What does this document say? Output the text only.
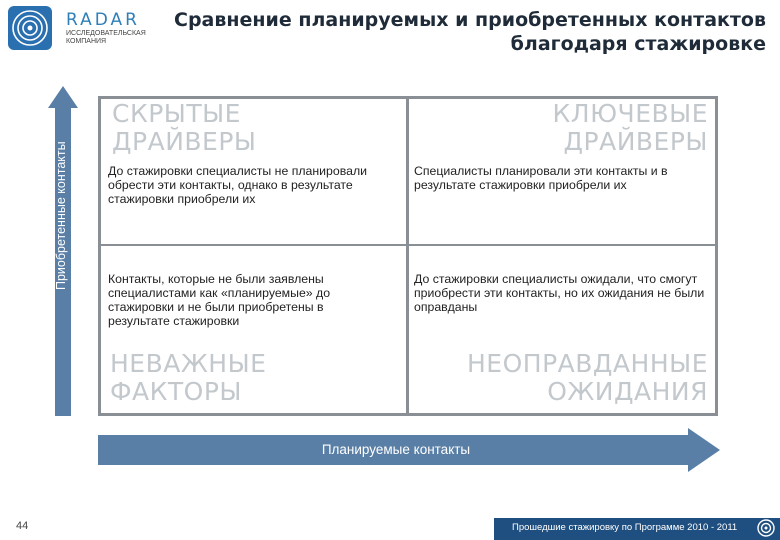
RADAR
ИССЛЕДОВАТЕЛЬСКАЯ КОМПАНИЯ
Сравнение планируемых и приобретенных контактов
благодаря стажировке
Приобретенные контакты
СКРЫТЫЕ
ДРАЙВЕРЫ
КЛЮЧЕВЫЕ
ДРАЙВЕРЫ
НЕВАЖНЫЕ
ФАКТОРЫ
НЕОПРАВДАННЫЕ
ОЖИДАНИЯ
До стажировки специалисты не планировали обрести эти контакты, однако в результате стажировки приобрели их
Специалисты планировали эти контакты и в результате стажировки приобрели их
Контакты, которые не были заявлены специалистами как «планируемые» до стажировки и не были приобретены в результате стажировки
До стажировки специалисты ожидали, что смогут приобрести эти контакты, но их ожидания не были оправданы
Планируемые контакты
44	Прошедшие стажировку по Программе 2010 - 2011
